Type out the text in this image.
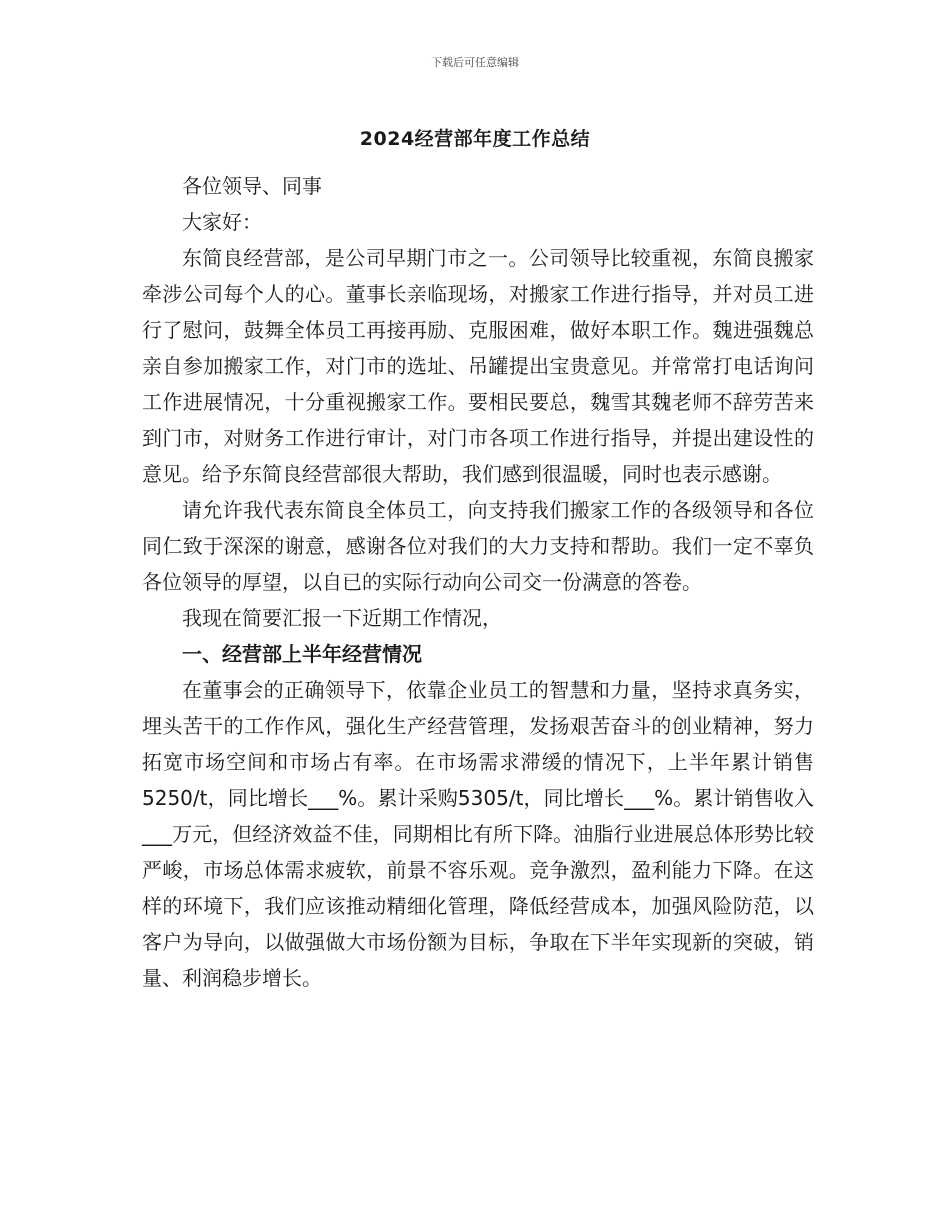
下载后可任意编辑
2024经营部年度工作总结

各位领导、同事

大家好：

东简良经营部，是公司早期门市之一。公司领导比较重视，东简良搬家牵涉公司每个人的心。董事长亲临现场，对搬家工作进行指导，并对员工进行了慰问，鼓舞全体员工再接再励、克服困难，做好本职工作。魏进强魏总亲自参加搬家工作，对门市的选址、吊罐提出宝贵意见。并常常打电话询问工作进展情况，十分重视搬家工作。要相民要总，魏雪其魏老师不辞劳苦来到门市，对财务工作进行审计，对门市各项工作进行指导，并提出建设性的意见。给予东简良经营部很大帮助，我们感到很温暖，同时也表示感谢。

请允许我代表东简良全体员工，向支持我们搬家工作的各级领导和各位同仁致于深深的谢意，感谢各位对我们的大力支持和帮助。我们一定不辜负各位领导的厚望，以自已的实际行动向公司交一份满意的答卷。

我现在简要汇报一下近期工作情况，

一、经营部上半年经营情况

在董事会的正确领导下，依靠企业员工的智慧和力量，坚持求真务实，埋头苦干的工作作风，强化生产经营管理，发扬艰苦奋斗的创业精神，努力拓宽市场空间和市场占有率。在市场需求滞缓的情况下，上半年累计销售5250/t，同比增长___%。累计采购5305/t，同比增长___%。累计销售收入___万元，但经济效益不佳，同期相比有所下降。油脂行业进展总体形势比较严峻，市场总体需求疲软，前景不容乐观。竞争激烈，盈利能力下降。在这样的环境下，我们应该推动精细化管理，降低经营成本，加强风险防范，以客户为导向，以做强做大市场份额为目标，争取在下半年实现新的突破，销量、利润稳步增长。
